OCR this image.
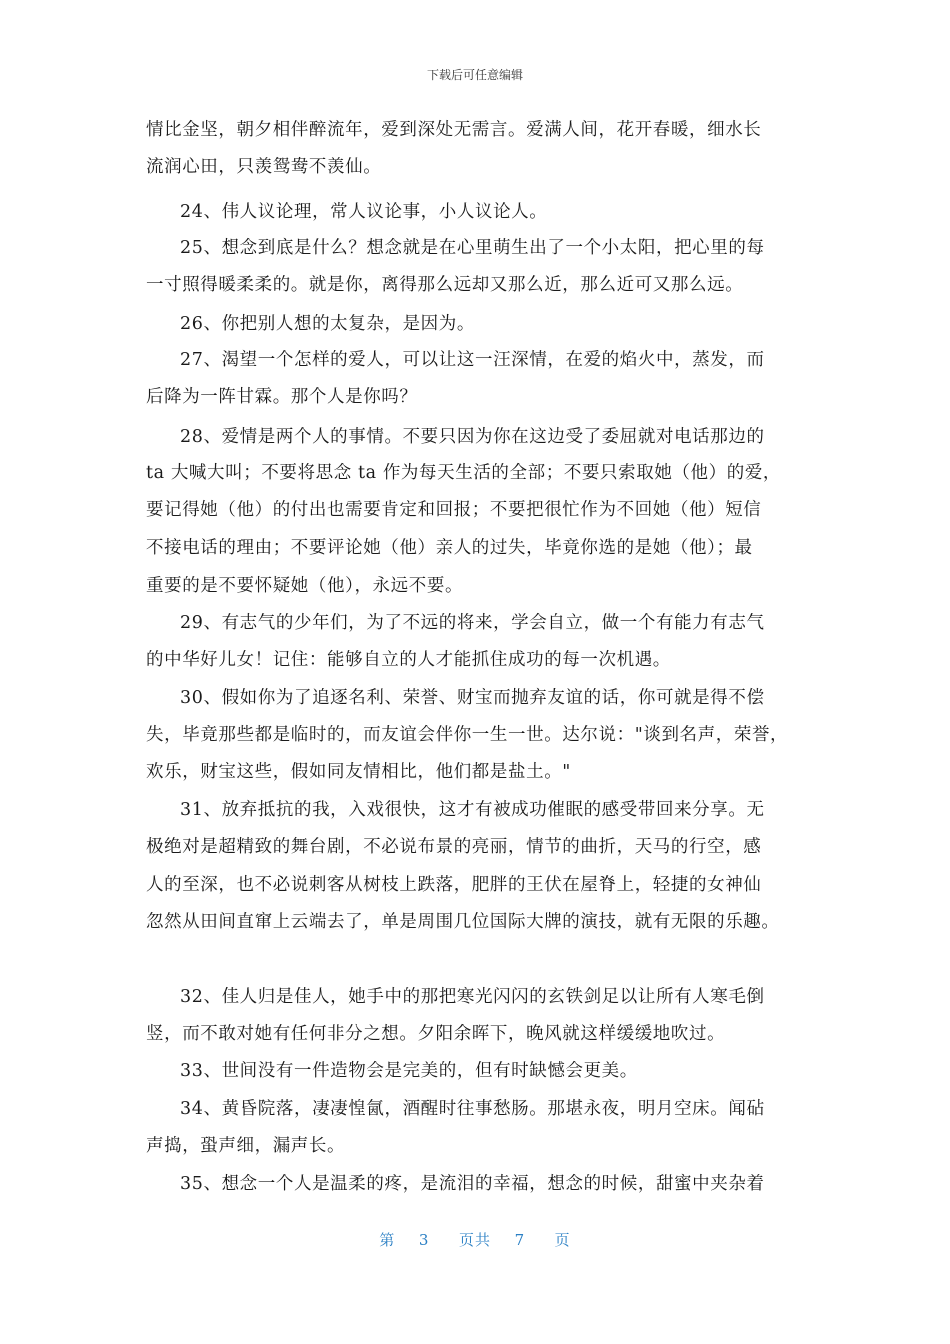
下载后可任意编辑
情比金坚，朝夕相伴醉流年，爱到深处无需言。爱满人间，花开春暖，细水长
流润心田，只羡鸳鸯不羡仙。
24、伟人议论理，常人议论事，小人议论人。
25、想念到底是什么？想念就是在心里萌生出了一个小太阳，把心里的每
一寸照得暖柔柔的。就是你，离得那么远却又那么近，那么近可又那么远。
26、你把别人想的太复杂，是因为。
27、渴望一个怎样的爱人，可以让这一汪深情，在爱的焰火中，蒸发，而
后降为一阵甘霖。那个人是你吗？
28、爱情是两个人的事情。不要只因为你在这边受了委屈就对电话那边的
ta 大喊大叫；不要将思念 ta 作为每天生活的全部；不要只索取她（他）的爱，
要记得她（他）的付出也需要肯定和回报；不要把很忙作为不回她（他）短信
不接电话的理由；不要评论她（他）亲人的过失，毕竟你选的是她（他）；最
重要的是不要怀疑她（他），永远不要。
29、有志气的少年们，为了不远的将来，学会自立，做一个有能力有志气
的中华好儿女！记住：能够自立的人才能抓住成功的每一次机遇。
30、假如你为了追逐名利、荣誉、财宝而抛弃友谊的话，你可就是得不偿
失，毕竟那些都是临时的，而友谊会伴你一生一世。达尔说："谈到名声，荣誉，
欢乐，财宝这些，假如同友情相比，他们都是盐土。"
31、放弃抵抗的我，入戏很快，这才有被成功催眠的感受带回来分享。无
极绝对是超精致的舞台剧，不必说布景的亮丽，情节的曲折，天马的行空，感
人的至深，也不必说刺客从树枝上跌落，肥胖的王伏在屋脊上，轻捷的女神仙
忽然从田间直窜上云端去了，单是周围几位国际大牌的演技，就有无限的乐趣。
32、佳人归是佳人，她手中的那把寒光闪闪的玄铁剑足以让所有人寒毛倒
竖，而不敢对她有任何非分之想。夕阳余晖下，晚风就这样缓缓地吹过。
33、世间没有一件造物会是完美的，但有时缺憾会更美。
34、黄昏院落，凄凄惶氤，酒醒时往事愁肠。那堪永夜，明月空床。闻砧
声捣，蛩声细，漏声长。
35、想念一个人是温柔的疼，是流泪的幸福，想念的时候，甜蜜中夹杂着
第 3 页共 7 页
